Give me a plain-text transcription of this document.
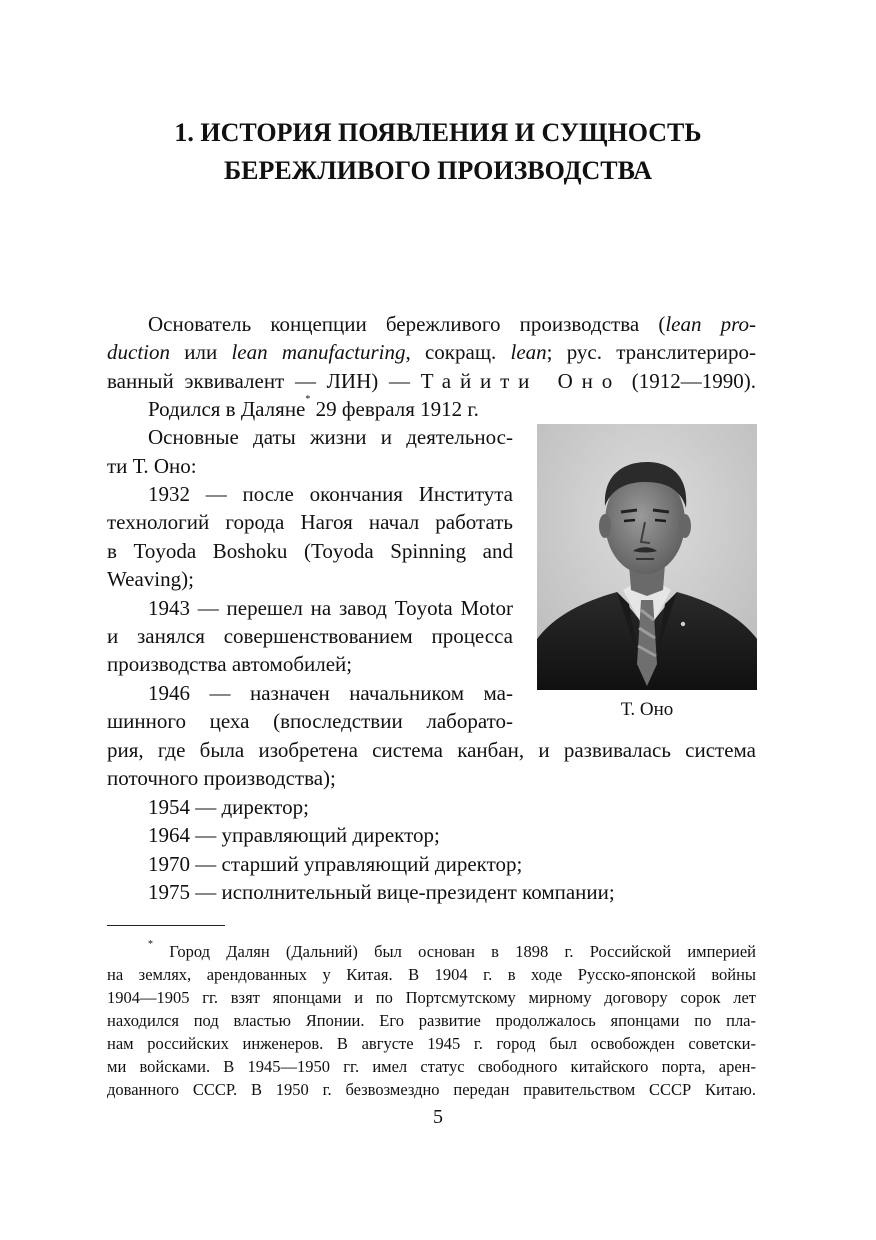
1. ИСТОРИЯ ПОЯВЛЕНИЯ И СУЩНОСТЬ
БЕРЕЖЛИВОГО ПРОИЗВОДСТВА
Основатель концепции бережливого производства (lean pro-
duction или lean manufacturing, сокращ. lean; рус. транслитериро-
ванный эквивалент — ЛИН) — Тайити Оно (1912—1990).
Родился в Даляне* 29 февраля 1912 г.
Основные даты жизни и деятельнос-
ти Т. Оно:
1932 — после окончания Института
технологий города Нагоя начал работать
в Toyoda Boshoku (Toyoda Spinning and
Weaving);
1943 — перешел на завод Toyota Motor
и занялся совершенствованием процесса
производства автомобилей;
1946 — назначен начальником ма-
шинного цеха (впоследствии лаборато-
рия, где была изобретена система канбан, и развивалась система
поточного производства);
1954 — директор;
1964 — управляющий директор;
1970 — старший управляющий директор;
1975 — исполнительный вице-президент компании;
Т. Оно
* Город Далян (Дальний) был основан в 1898 г. Российской империей
на землях, арендованных у Китая. В 1904 г. в ходе Русско-японской войны
1904—1905 гг. взят японцами и по Портсмутскому мирному договору сорок лет
находился под властью Японии. Его развитие продолжалось японцами по пла-
нам российских инженеров. В августе 1945 г. город был освобожден советски-
ми войсками. В 1945—1950 гг. имел статус свободного китайского порта, арен-
дованного СССР. В 1950 г. безвозмездно передан правительством СССР Китаю.
5
